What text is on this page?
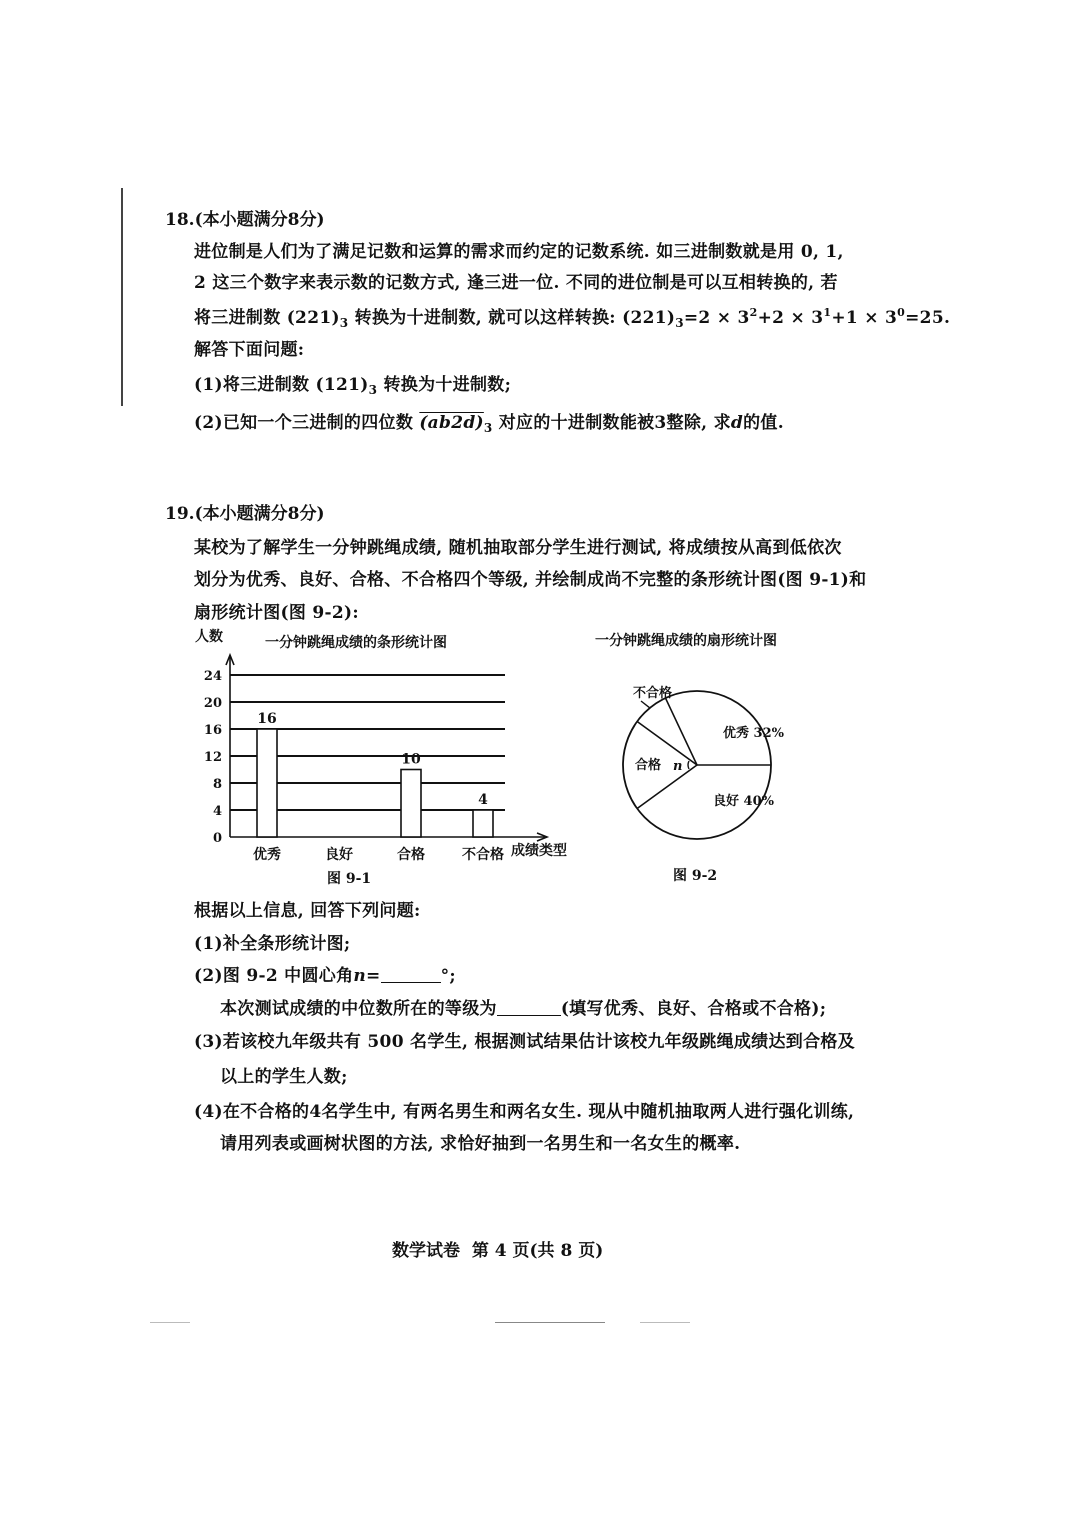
18.(本小题满分8分)
进位制是人们为了满足记数和运算的需求而约定的记数系统. 如三进制数就是用 0, 1,
2 这三个数字来表示数的记数方式, 逢三进一位. 不同的进位制是可以互相转换的, 若
将三进制数 $(221)_3$ 转换为十进制数, 就可以这样转换: $(221)_3=2 \times 3^2+2 \times 3^1+1 \times 3^0=25$.
解答下面问题:
(1)将三进制数 $(121)_3$ 转换为十进制数;
(2)已知一个三进制的四位数 $(ab2d)_3$ 对应的十进制数能被3整除, 求d的值.
19.(本小题满分8分)
某校为了解学生一分钟跳绳成绩, 随机抽取部分学生进行测试, 将成绩按从高到低依次
划分为优秀、良好、合格、不合格四个等级, 并绘制成尚不完整的条形统计图(图 9-1)和
扇形统计图(图 9-2):
人数	一分钟跳绳成绩的条形统计图
成绩类型
图 9-1
0
4
8
12
16
20
24
16
10
4
优秀	良好	合格	不合格
一分钟跳绳成绩的扇形统计图
优秀 32%
良好 40%
合格
不合格
n
图 9-2
根据以上信息, 回答下列问题:
(1)补全条形统计图;
(2)图 9-2 中圆心角n=	°;
本次测试成绩的中位数所在的等级为	(填写优秀、良好、合格或不合格);
(3)若该校九年级共有 500 名学生, 根据测试结果估计该校九年级跳绳成绩达到合格及
以上的学生人数;
(4)在不合格的4名学生中, 有两名男生和两名女生. 现从中随机抽取两人进行强化训练,
请用列表或画树状图的方法, 求恰好抽到一名男生和一名女生的概率.
数学试卷 第 4 页(共 8 页)
